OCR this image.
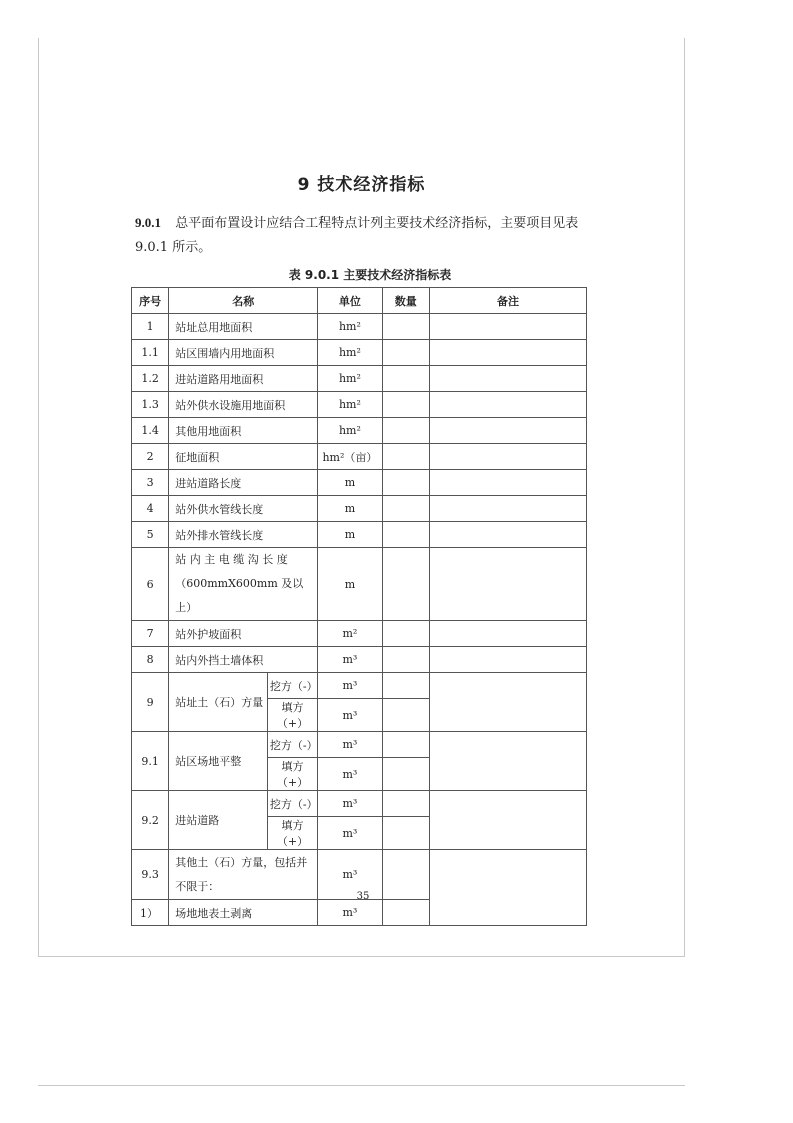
9 技术经济指标
9.0.1 总平面布置设计应结合工程特点计列主要技术经济指标，主要项目见表
9.0.1 所示。
表 9.0.1 主要技术经济指标表
序号	名称		单位	数量	备注
1	站址总用地面积		hm²		
1.1	站区围墙内用地面积		hm²		
1.2	进站道路用地面积		hm²		
1.3	站外供水设施用地面积		hm²		
1.4	其他用地面积		hm²		
2	征地面积		hm²（亩）		
3	进站道路长度		m		
4	站外供水管线长度		m		
5	站外排水管线长度		m		
6	站 内 主 电 缆 沟 长 度
（600mmX600mm 及以上）		m		
7	站外护坡面积		m²		
8	站内外挡土墙体积		m³		
9	站址土（石）方量	挖方（-）	m³		
		填方（+）	m³		
9.1	站区场地平整	挖方（-）	m³		
		填方（+）	m³		
9.2	进站道路	挖方（-）	m³		
		填方（+）	m³		
9.3	其他土（石）方量，包括并
不限于：		m³		
1）	场地地表土剥离		m³		
35
